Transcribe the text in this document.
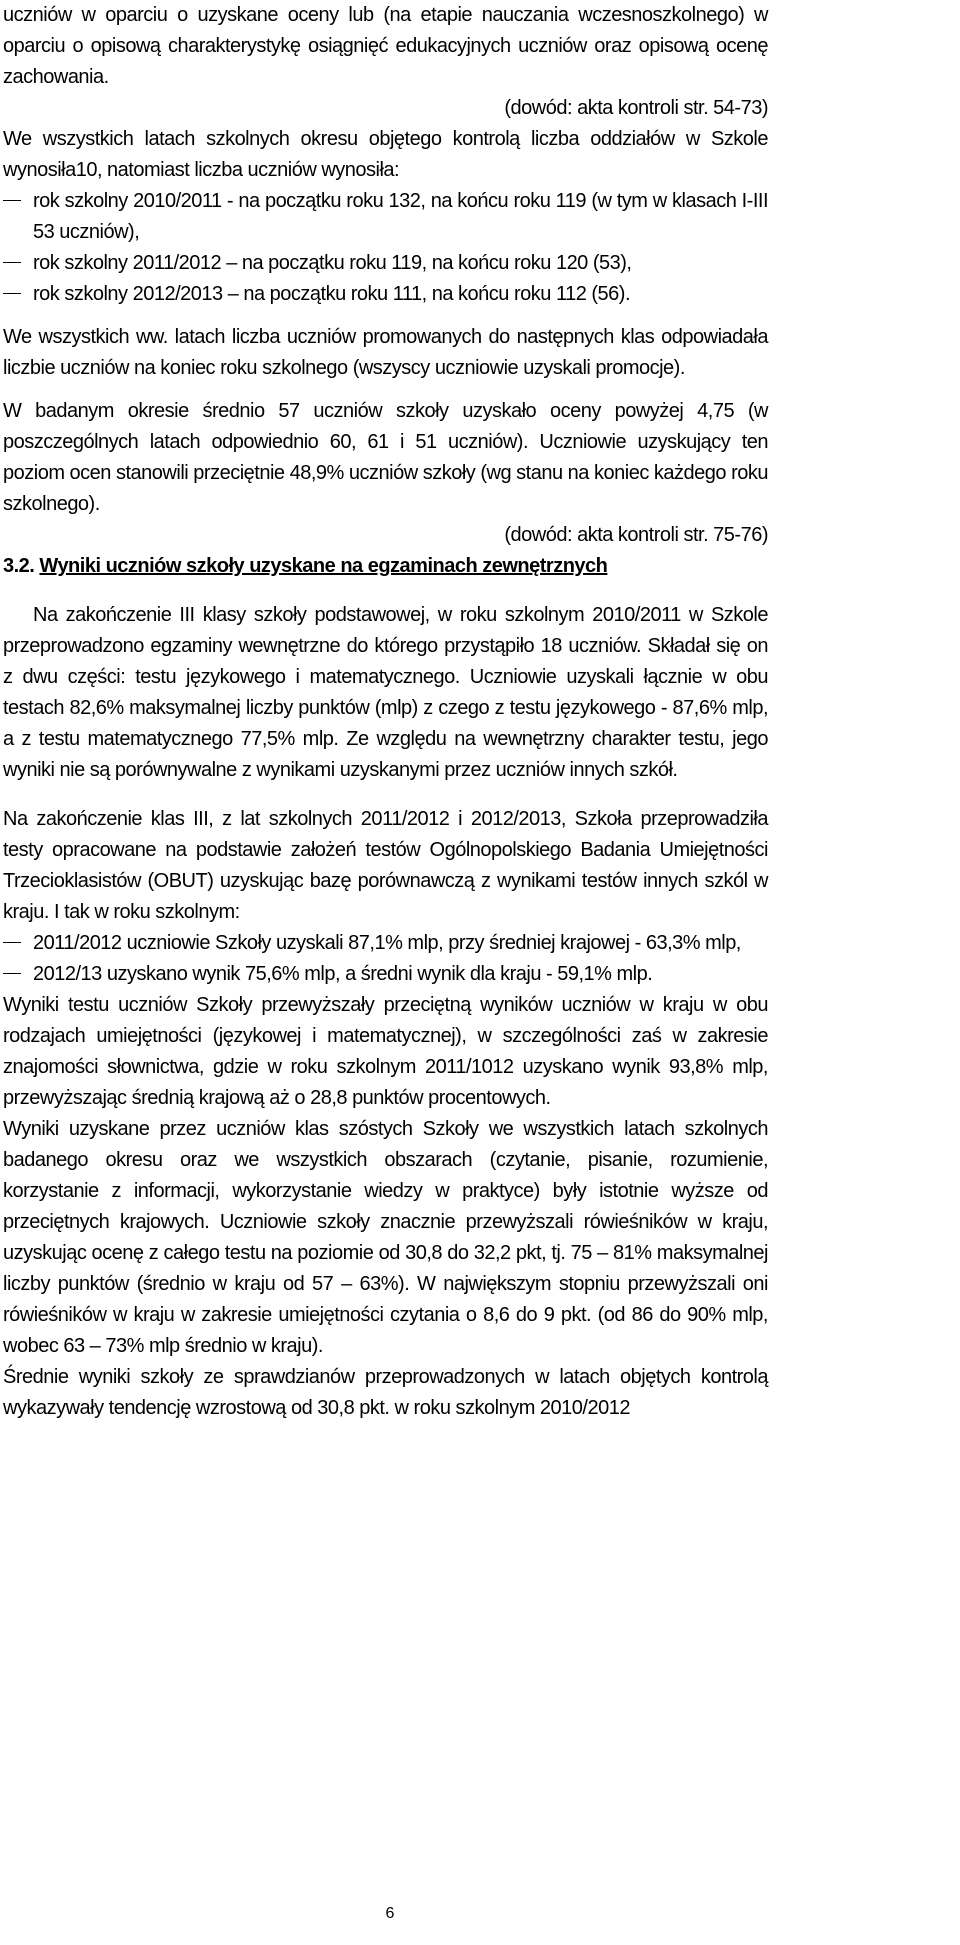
uczniów w oparciu o uzyskane oceny lub (na etapie nauczania wczesnoszkolnego) w oparciu o opisową charakterystykę osiągnięć edukacyjnych uczniów oraz opisową ocenę zachowania.

(dowód: akta kontroli str. 54-73)

We wszystkich latach szkolnych okresu objętego kontrolą liczba oddziałów w Szkole wynosiła10, natomiast liczba uczniów wynosiła:

rok szkolny 2010/2011 - na początku roku 132, na końcu roku 119 (w tym w klasach I-III 53 uczniów),
rok szkolny 2011/2012 – na początku roku 119, na końcu roku 120 (53),
rok szkolny 2012/2013 – na początku roku 111, na końcu roku 112 (56).

We wszystkich ww. latach liczba uczniów promowanych do następnych klas odpowiadała liczbie uczniów na koniec roku szkolnego (wszyscy uczniowie uzyskali promocje).

W badanym okresie średnio 57 uczniów szkoły uzyskało oceny powyżej 4,75 (w poszczególnych latach odpowiednio 60, 61 i 51 uczniów). Uczniowie uzyskujący ten poziom ocen stanowili przeciętnie 48,9% uczniów szkoły (wg stanu na koniec każdego roku szkolnego).

(dowód: akta kontroli str. 75-76)

3.2. Wyniki uczniów szkoły uzyskane na egzaminach zewnętrznych

Na zakończenie III klasy szkoły podstawowej, w roku szkolnym 2010/2011 w Szkole przeprowadzono egzaminy wewnętrzne do którego przystąpiło 18 uczniów. Składał się on z dwu części: testu językowego i matematycznego. Uczniowie uzyskali łącznie w obu testach 82,6% maksymalnej liczby punktów (mlp) z czego z testu językowego - 87,6% mlp, a z testu matematycznego 77,5% mlp. Ze względu na wewnętrzny charakter testu, jego wyniki nie są porównywalne z wynikami uzyskanymi przez uczniów innych szkół.

Na zakończenie klas III, z lat szkolnych 2011/2012 i 2012/2013, Szkoła przeprowadziła testy opracowane na podstawie założeń testów Ogólnopolskiego Badania Umiejętności Trzecioklasistów (OBUT) uzyskując bazę porównawczą z wynikami testów innych szkól w kraju. I tak w roku szkolnym:

2011/2012 uczniowie Szkoły uzyskali 87,1% mlp, przy średniej krajowej - 63,3% mlp,
2012/13 uzyskano wynik 75,6% mlp, a średni wynik dla kraju - 59,1% mlp.

Wyniki testu uczniów Szkoły przewyższały przeciętną wyników uczniów w kraju w obu rodzajach umiejętności (językowej i matematycznej), w szczególności zaś w zakresie znajomości słownictwa, gdzie w roku szkolnym 2011/1012 uzyskano wynik 93,8% mlp, przewyższając średnią krajową aż o 28,8 punktów procentowych.

Wyniki uzyskane przez uczniów klas szóstych Szkoły we wszystkich latach szkolnych badanego okresu oraz we wszystkich obszarach (czytanie, pisanie, rozumienie, korzystanie z informacji, wykorzystanie wiedzy w praktyce) były istotnie wyższe od przeciętnych krajowych. Uczniowie szkoły znacznie przewyższali rówieśników w kraju, uzyskując ocenę z całego testu na poziomie od 30,8 do 32,2 pkt, tj. 75 – 81% maksymalnej liczby punktów (średnio w kraju od 57 – 63%). W największym stopniu przewyższali oni rówieśników w kraju w zakresie umiejętności czytania o 8,6 do 9 pkt. (od 86 do 90% mlp, wobec 63 – 73% mlp średnio w kraju).

Średnie wyniki szkoły ze sprawdzianów przeprowadzonych w latach objętych kontrolą wykazywały tendencję wzrostową od 30,8 pkt. w roku szkolnym 2010/2012

6
